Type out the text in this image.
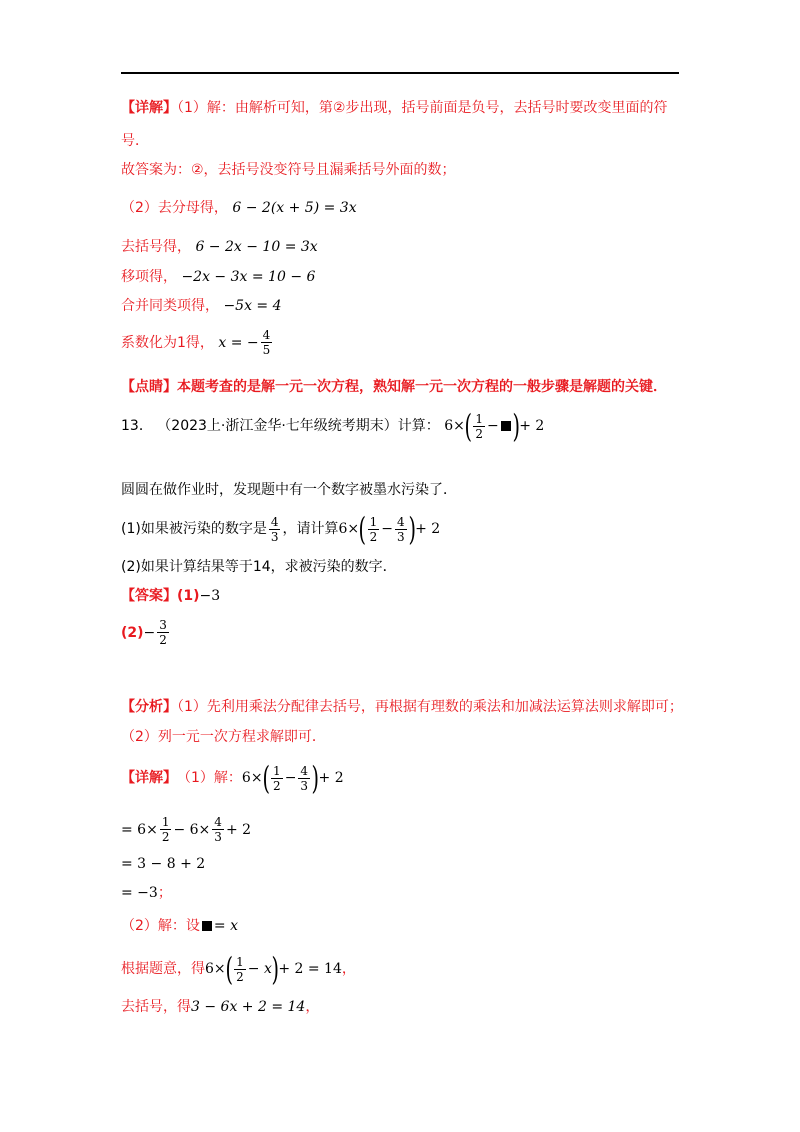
【详解】（1）解：由解析可知，第②步出现，括号前面是负号，去括号时要改变里面的符
号．
故答案为：②，去括号没变符号且漏乘括号外面的数；
（2）去分母得， 6 − 2(x + 5) = 3x
去括号得， 6 − 2x − 10 = 3x
移项得， −2x − 3x = 10 − 6
合并同类项得， −5x = 4
系数化为1得， x = − $\frac{4}{5}$
【点睛】本题考查的是解一元一次方程，熟知解一元一次方程的一般步骤是解题的关键．
13． （2023上·浙江金华·七年级统考期末）计算： $6\times( \frac{1}{2}$ − )+ 2
圆圆在做作业时，发现题中有一个数字被墨水污染了．
(1)如果被污染的数字是 $\frac{4}{3}$ ，请计算$6\times( \frac{1}{2} - \frac{4}{3}$ )+ 2
(2)如果计算结果等于14，求被污染的数字．
【答案】(1)−3
$(2)- \frac{3}{2}$
【分析】（1）先利用乘法分配律去括号，再根据有理数的乘法和加减法运算法则求解即可；
（2）列一元一次方程求解即可．
【详解】（1）解：$6\times( \frac{1}{2} - \frac{4}{3}$ )+ 2
= $6\times \frac{1}{2} - 6\times \frac{4}{3} + 2$
= 3 − 8 + 2
= −3；
（2）解：设 = x
根据题意，得$6\times( \frac{1}{2} - x)+ 2 = 14$，
去括号，得3 − 6x + 2 = 14，
